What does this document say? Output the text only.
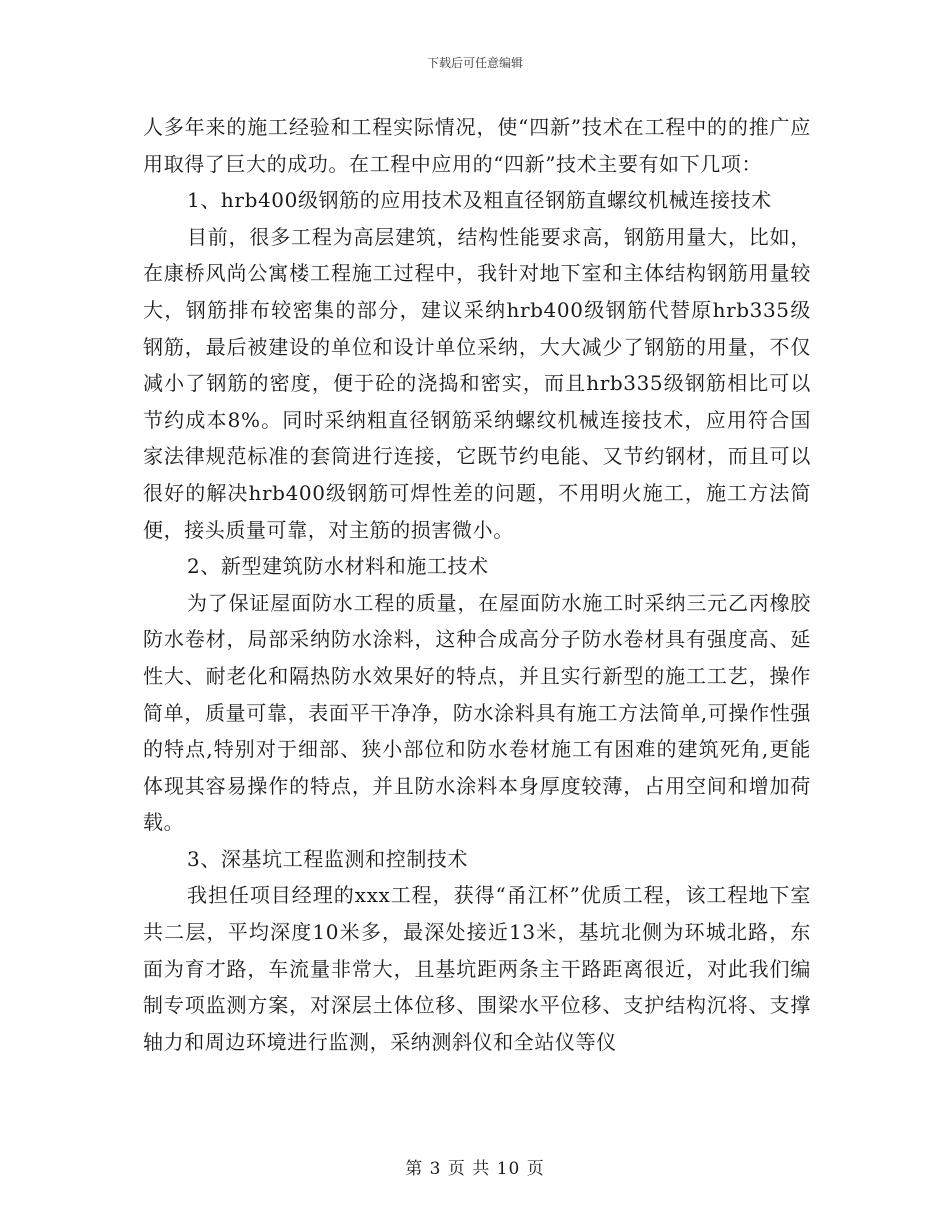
下载后可任意编辑

人多年来的施工经验和工程实际情况，使“四新”技术在工程中的的推广应用取得了巨大的成功。在工程中应用的“四新”技术主要有如下几项：

1、hrb400级钢筋的应用技术及粗直径钢筋直螺纹机械连接技术

目前，很多工程为高层建筑，结构性能要求高，钢筋用量大，比如，在康桥风尚公寓楼工程施工过程中，我针对地下室和主体结构钢筋用量较大，钢筋排布较密集的部分，建议采纳hrb400级钢筋代替原hrb335级钢筋，最后被建设的单位和设计单位采纳，大大减少了钢筋的用量，不仅减小了钢筋的密度，便于砼的浇捣和密实，而且hrb335级钢筋相比可以节约成本8%。同时采纳粗直径钢筋采纳螺纹机械连接技术，应用符合国家法律规范标准的套筒进行连接，它既节约电能、又节约钢材，而且可以很好的解决hrb400级钢筋可焊性差的问题，不用明火施工，施工方法简便，接头质量可靠，对主筋的损害微小。

2、新型建筑防水材料和施工技术

为了保证屋面防水工程的质量，在屋面防水施工时采纳三元乙丙橡胶防水卷材，局部采纳防水涂料，这种合成高分子防水卷材具有强度高、延性大、耐老化和隔热防水效果好的特点，并且实行新型的施工工艺，操作简单，质量可靠，表面平干净净，防水涂料具有施工方法简单,可操作性强的特点,特别对于细部、狭小部位和防水卷材施工有困难的建筑死角,更能体现其容易操作的特点，并且防水涂料本身厚度较薄，占用空间和增加荷载。

3、深基坑工程监测和控制技术

我担任项目经理的xxx工程，获得“甬江杯”优质工程，该工程地下室共二层，平均深度10米多，最深处接近13米，基坑北侧为环城北路，东面为育才路，车流量非常大，且基坑距两条主干路距离很近，对此我们编制专项监测方案，对深层土体位移、围梁水平位移、支护结构沉将、支撑轴力和周边环境进行监测，采纳测斜仪和全站仪等仪

第 3 页 共 10 页
